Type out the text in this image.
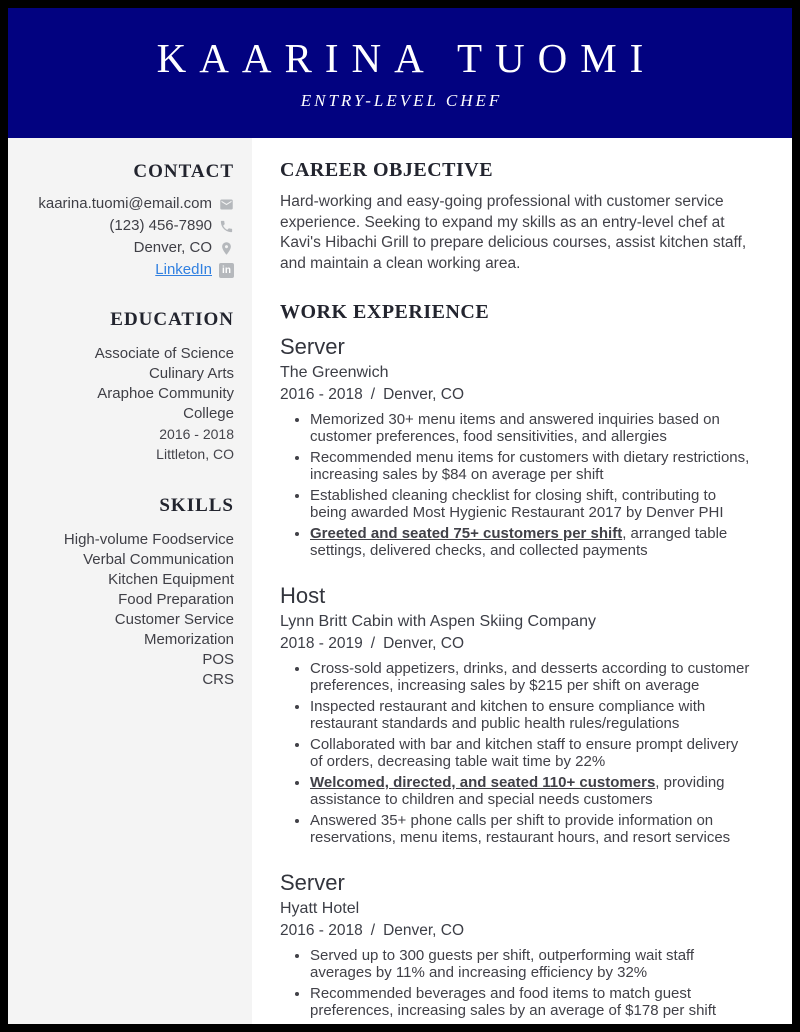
KAARINA TUOMI
ENTRY-LEVEL CHEF
CONTACT
kaarina.tuomi@email.com
(123) 456-7890
Denver, CO
LinkedIn	in
EDUCATION
Associate of Science
Culinary Arts
Araphoe Community College
2016 - 2018
Littleton, CO
SKILLS
High-volume Foodservice
Verbal Communication
Kitchen Equipment
Food Preparation
Customer Service
Memorization
POS
CRS
CAREER OBJECTIVE

Hard-working and easy-going professional with customer service experience. Seeking to expand my skills as an entry-level chef at Kavi's Hibachi Grill to prepare delicious courses, assist kitchen staff, and maintain a clean working area.

WORK EXPERIENCE
Server
The Greenwich
2016 - 2018 / Denver, CO
• Memorized 30+ menu items and answered inquiries based on customer preferences, food sensitivities, and allergies
• Recommended menu items for customers with dietary restrictions, increasing sales by $84 on average per shift
• Established cleaning checklist for closing shift, contributing to being awarded Most Hygienic Restaurant 2017 by Denver PHI
• Greeted and seated 75+ customers per shift, arranged table settings, delivered checks, and collected payments
Host
Lynn Britt Cabin with Aspen Skiing Company
2018 - 2019 / Denver, CO
• Cross-sold appetizers, drinks, and desserts according to customer preferences, increasing sales by $215 per shift on average
• Inspected restaurant and kitchen to ensure compliance with restaurant standards and public health rules/regulations
• Collaborated with bar and kitchen staff to ensure prompt delivery of orders, decreasing table wait time by 22%
• Welcomed, directed, and seated 110+ customers, providing assistance to children and special needs customers
• Answered 35+ phone calls per shift to provide information on reservations, menu items, restaurant hours, and resort services
Server
Hyatt Hotel
2016 - 2018 / Denver, CO
• Served up to 300 guests per shift, outperforming wait staff averages by 11% and increasing efficiency by 32%
• Recommended beverages and food items to match guest preferences, increasing sales by an average of $178 per shift
